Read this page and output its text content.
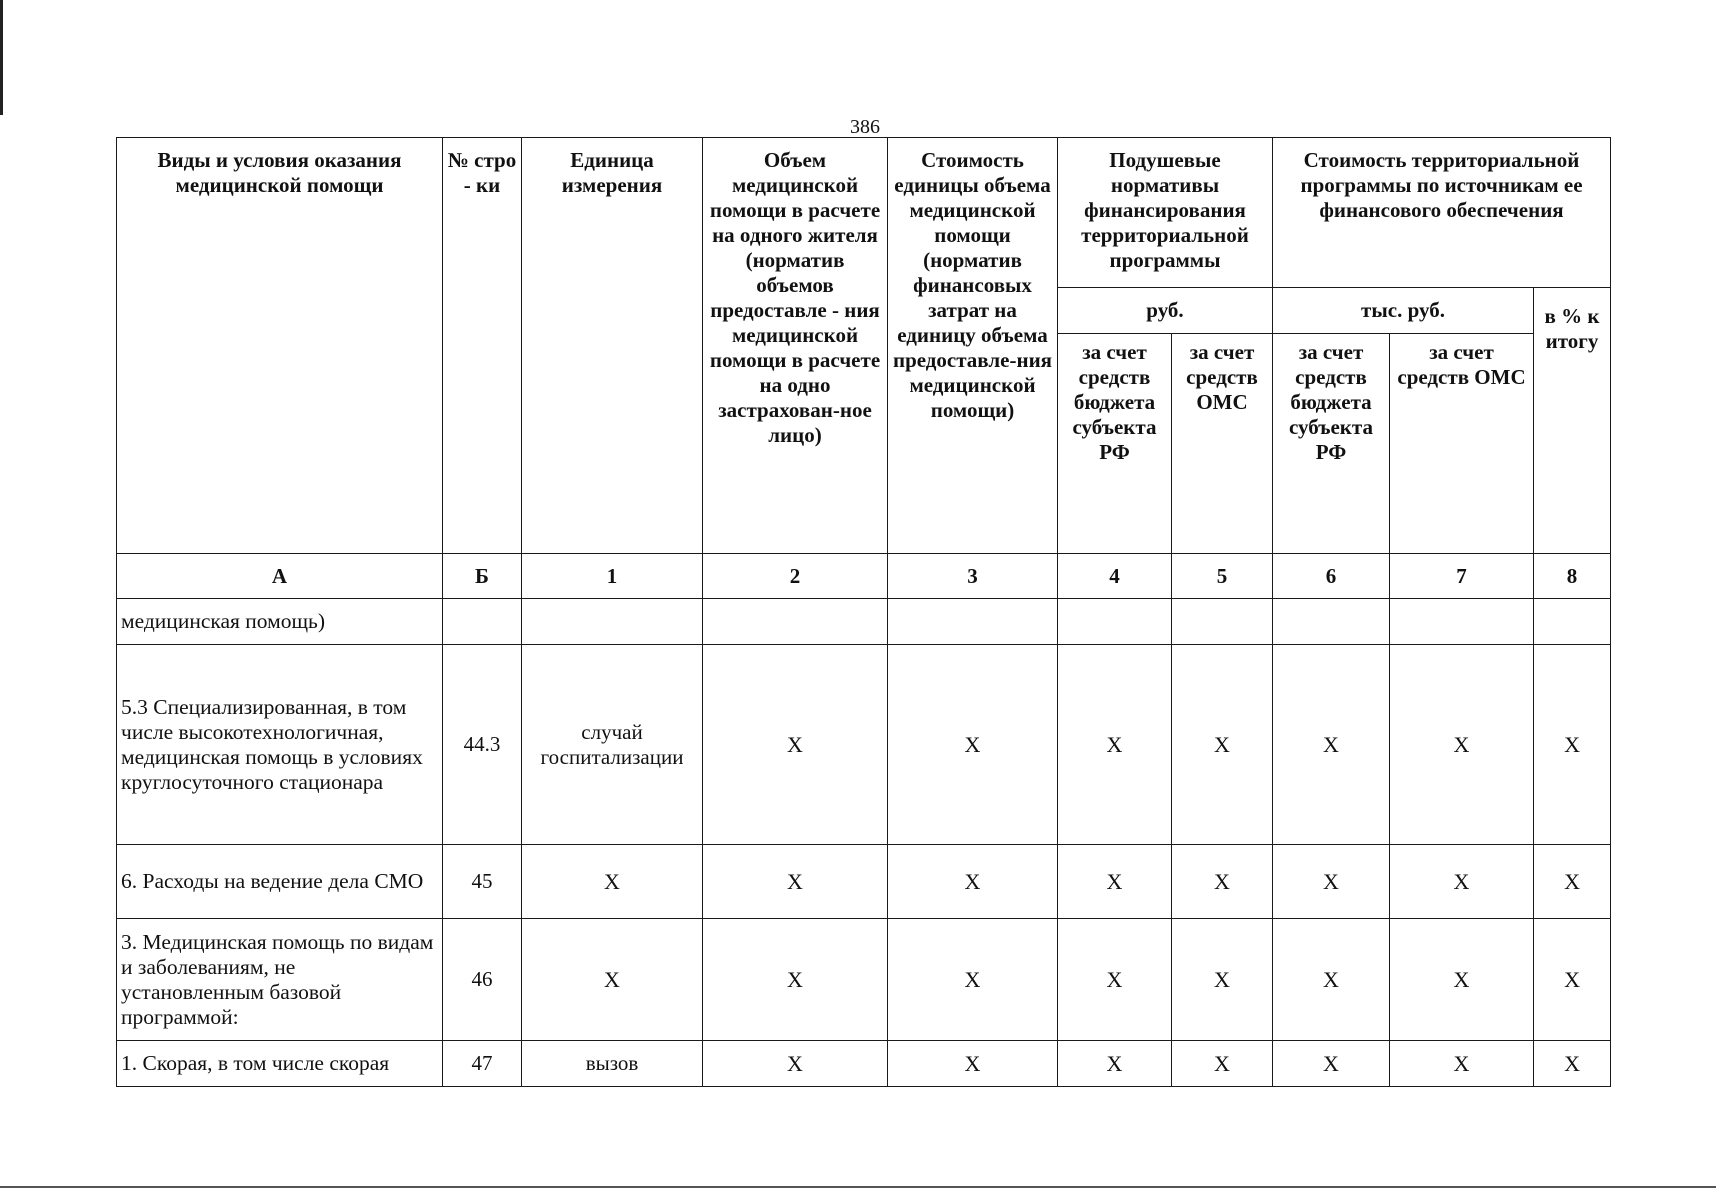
386
Виды и условия оказания медицинской помощи	№ стро - ки	Единица измерения	Объем медицинской помощи в расчете на одного жителя (норматив объемов предоставле - ния медицинской помощи в расчете на одно застрахован-ное лицо)	Стоимость единицы объема медицинской помощи (норматив финансовых затрат на единицу объема предоставле-ния медицинской помощи)	Подушевые нормативы финансирования территориальной программы		Стоимость территориальной программы по источникам ее финансового обеспечения		
					руб.		тыс. руб.		в % к итогу
					за счет средств бюджета субъекта РФ	за счет средств ОМС	за счет средств бюджета субъекта РФ	за счет средств ОМС	
А	Б	1	2	3	4	5	6	7	8
медицинская помощь)									
5.3 Специализированная, в том числе высокотехнологичная, медицинская помощь в условиях круглосуточного стационара	44.3	случай госпитализации	X	X	X	X	X	X	X
6. Расходы на ведение дела СМО	45	X	X	X	X	X	X	X	X
3. Медицинская помощь по видам и заболеваниям, не установленным базовой программой:	46	X	X	X	X	X	X	X	X
1. Скорая, в том числе скорая	47	вызов	X	X	X	X	X	X	X
